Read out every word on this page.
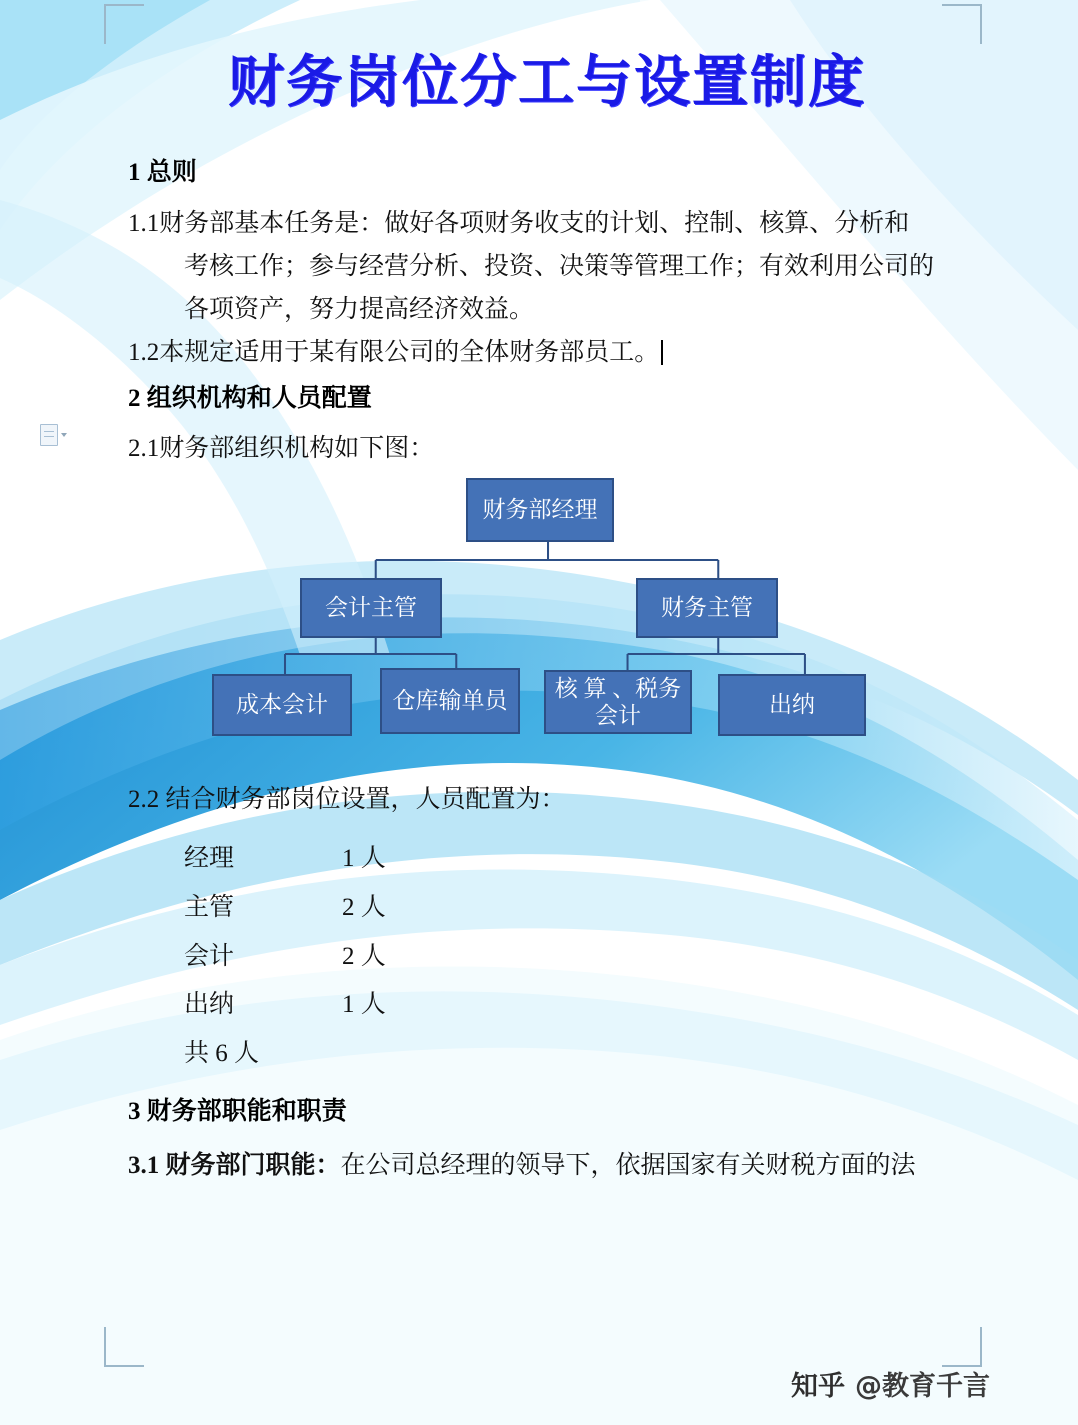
财务岗位分工与设置制度

1 总则

1.1财务部基本任务是：做好各项财务收支的计划、控制、核算、分析和

考核工作；参与经营分析、投资、决策等管理工作；有效利用公司的

各项资产，努力提高经济效益。

1.2本规定适用于某有限公司的全体财务部员工。

2 组织机构和人员配置

2.1财务部组织机构如下图：

财务部经理
会计主管	财务主管
成本会计	仓库输单员
核 算 、税务会计	出纳

2.2 结合财务部岗位设置，人员配置为：

经理	1 人
主管	2 人
会计	2 人
出纳	1 人
共 6 人

3 财务部职能和职责

3.1 财务部门职能：在公司总经理的领导下，依据国家有关财税方面的法

知乎 @教育千言
